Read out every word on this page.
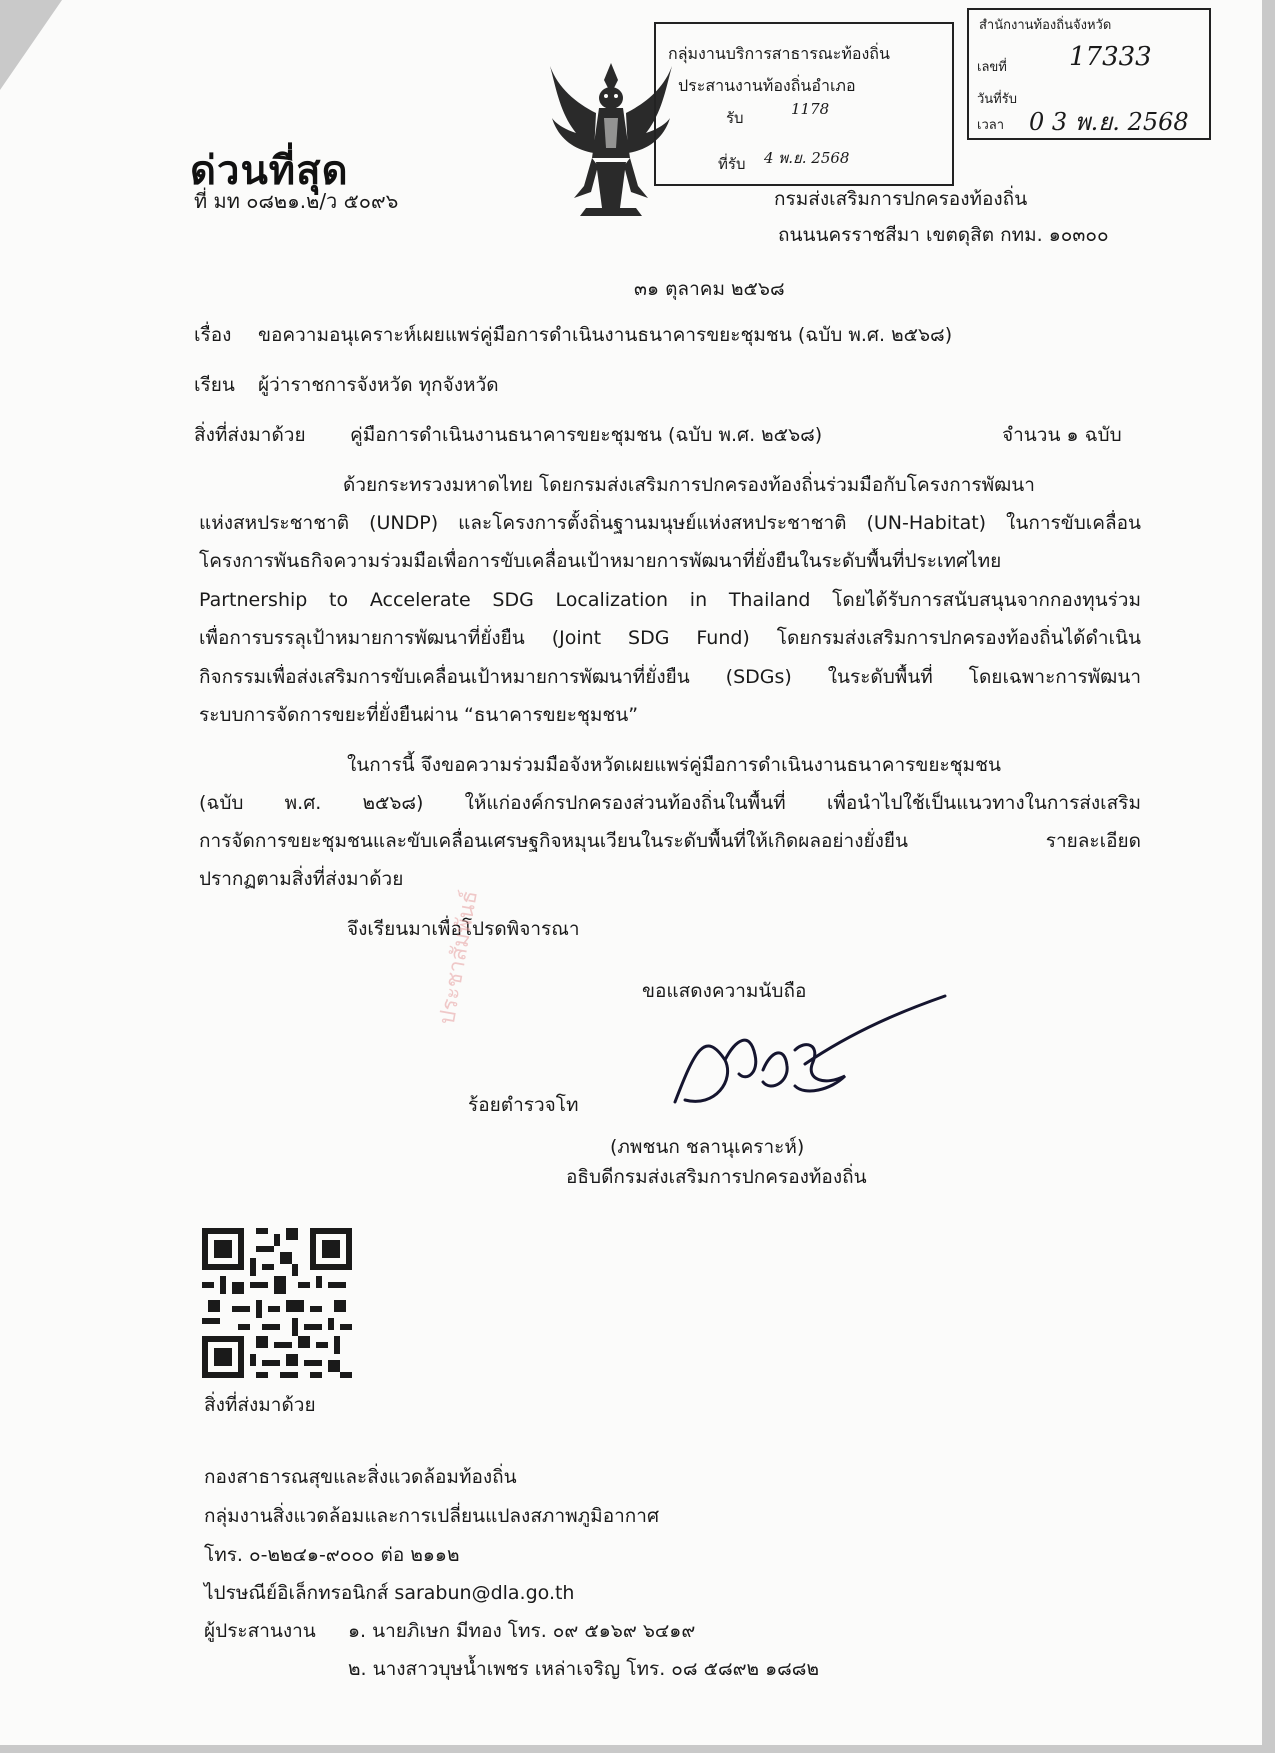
กลุ่มงานบริการสาธารณะท้องถิ่น
ประสานงานท้องถิ่นอำเภอ
รับ	1178
ที่รับ 4 พ.ย. 2568
สำนักงานท้องถิ่นจังหวัด
เลขที่ 17333
วันที่รับ
เวลา 0 3 พ.ย. 2568
ด่วนที่สุด
ที่ มท ๐๘๒๑.๒/ว ๕๐๙๖	กรมส่งเสริมการปกครองท้องถิ่น
ถนนนครราชสีมา เขตดุสิต กทม. ๑๐๓๐๐
๓๑ ตุลาคม ๒๕๖๘
เรื่อง ขอความอนุเคราะห์เผยแพร่คู่มือการดำเนินงานธนาคารขยะชุมชน (ฉบับ พ.ศ. ๒๕๖๘)
เรียน ผู้ว่าราชการจังหวัด ทุกจังหวัด
สิ่งที่ส่งมาด้วย คู่มือการดำเนินงานธนาคารขยะชุมชน (ฉบับ พ.ศ. ๒๕๖๘)	จำนวน ๑ ฉบับ
ด้วยกระทรวงมหาดไทย โดยกรมส่งเสริมการปกครองท้องถิ่นร่วมมือกับโครงการพัฒนา
แห่งสหประชาชาติ (UNDP) และโครงการตั้งถิ่นฐานมนุษย์แห่งสหประชาชาติ (UN-Habitat) ในการขับเคลื่อน
โครงการพันธกิจความร่วมมือเพื่อการขับเคลื่อนเป้าหมายการพัฒนาที่ยั่งยืนในระดับพื้นที่ประเทศไทย
Partnership to Accelerate SDG Localization in Thailand โดยได้รับการสนับสนุนจากกองทุนร่วม
เพื่อการบรรลุเป้าหมายการพัฒนาที่ยั่งยืน (Joint SDG Fund) โดยกรมส่งเสริมการปกครองท้องถิ่นได้ดำเนิน
กิจกรรมเพื่อส่งเสริมการขับเคลื่อนเป้าหมายการพัฒนาที่ยั่งยืน (SDGs) ในระดับพื้นที่ โดยเฉพาะการพัฒนา
ระบบการจัดการขยะที่ยั่งยืนผ่าน “ธนาคารขยะชุมชน”
ในการนี้ จึงขอความร่วมมือจังหวัดเผยแพร่คู่มือการดำเนินงานธนาคารขยะชุมชน
(ฉบับ พ.ศ. ๒๕๖๘) ให้แก่องค์กรปกครองส่วนท้องถิ่นในพื้นที่ เพื่อนำไปใช้เป็นแนวทางในการส่งเสริม
การจัดการขยะชุมชนและขับเคลื่อนเศรษฐกิจหมุนเวียนในระดับพื้นที่ให้เกิดผลอย่างยั่งยืน รายละเอียด
ปรากฏตามสิ่งที่ส่งมาด้วย
จึงเรียนมาเพื่อโปรดพิจารณา
ประชาสัมพันธ์	ขอแสดงความนับถือ
ร้อยตำรวจโท
(ภพชนก ชลานุเคราะห์)
อธิบดีกรมส่งเสริมการปกครองท้องถิ่น
สิ่งที่ส่งมาด้วย
กองสาธารณสุขและสิ่งแวดล้อมท้องถิ่น
กลุ่มงานสิ่งแวดล้อมและการเปลี่ยนแปลงสภาพภูมิอากาศ
โทร. ๐-๒๒๔๑-๙๐๐๐ ต่อ ๒๑๑๒
ไปรษณีย์อิเล็กทรอนิกส์ sarabun@dla.go.th
ผู้ประสานงาน ๑. นายภิเษก มีทอง โทร. ๐๙ ๕๑๖๙ ๖๔๑๙
๒. นางสาวบุษน้ำเพชร เหล่าเจริญ โทร. ๐๘ ๕๘๙๒ ๑๘๘๒
